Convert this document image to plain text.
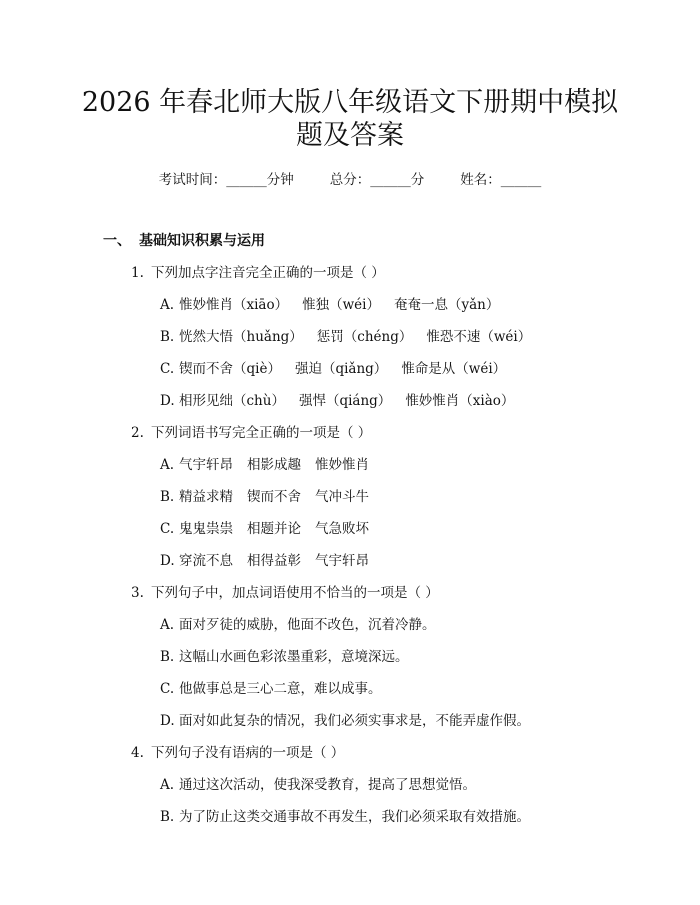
2026 年春北师大版八年级语文下册期中模拟
题及答案
考试时间：______分钟	总分：______分	姓名：______
一、 基础知识积累与运用
1. 下列加点字注音完全正确的一项是（ ）
A. 惟妙惟肖（xiāo） 惟独（wéi） 奄奄一息（yǎn）
B. 恍然大悟（huǎng） 惩罚（chéng） 惟恐不速（wéi）
C. 锲而不舍（qiè） 强迫（qiǎng） 惟命是从（wéi）
D. 相形见绌（chù） 强悍（qiáng） 惟妙惟肖（xiào）
2. 下列词语书写完全正确的一项是（ ）
A. 气宇轩昂 相影成趣 惟妙惟肖
B. 精益求精 锲而不舍 气冲斗牛
C. 鬼鬼祟祟 相题并论 气急败坏
D. 穿流不息 相得益彰 气宇轩昂
3. 下列句子中，加点词语使用不恰当的一项是（ ）
A. 面对歹徒的威胁，他面不改色，沉着冷静。
B. 这幅山水画色彩浓墨重彩，意境深远。
C. 他做事总是三心二意，难以成事。
D. 面对如此复杂的情况，我们必须实事求是，不能弄虚作假。
4. 下列句子没有语病的一项是（ ）
A. 通过这次活动，使我深受教育，提高了思想觉悟。
B. 为了防止这类交通事故不再发生，我们必须采取有效措施。
